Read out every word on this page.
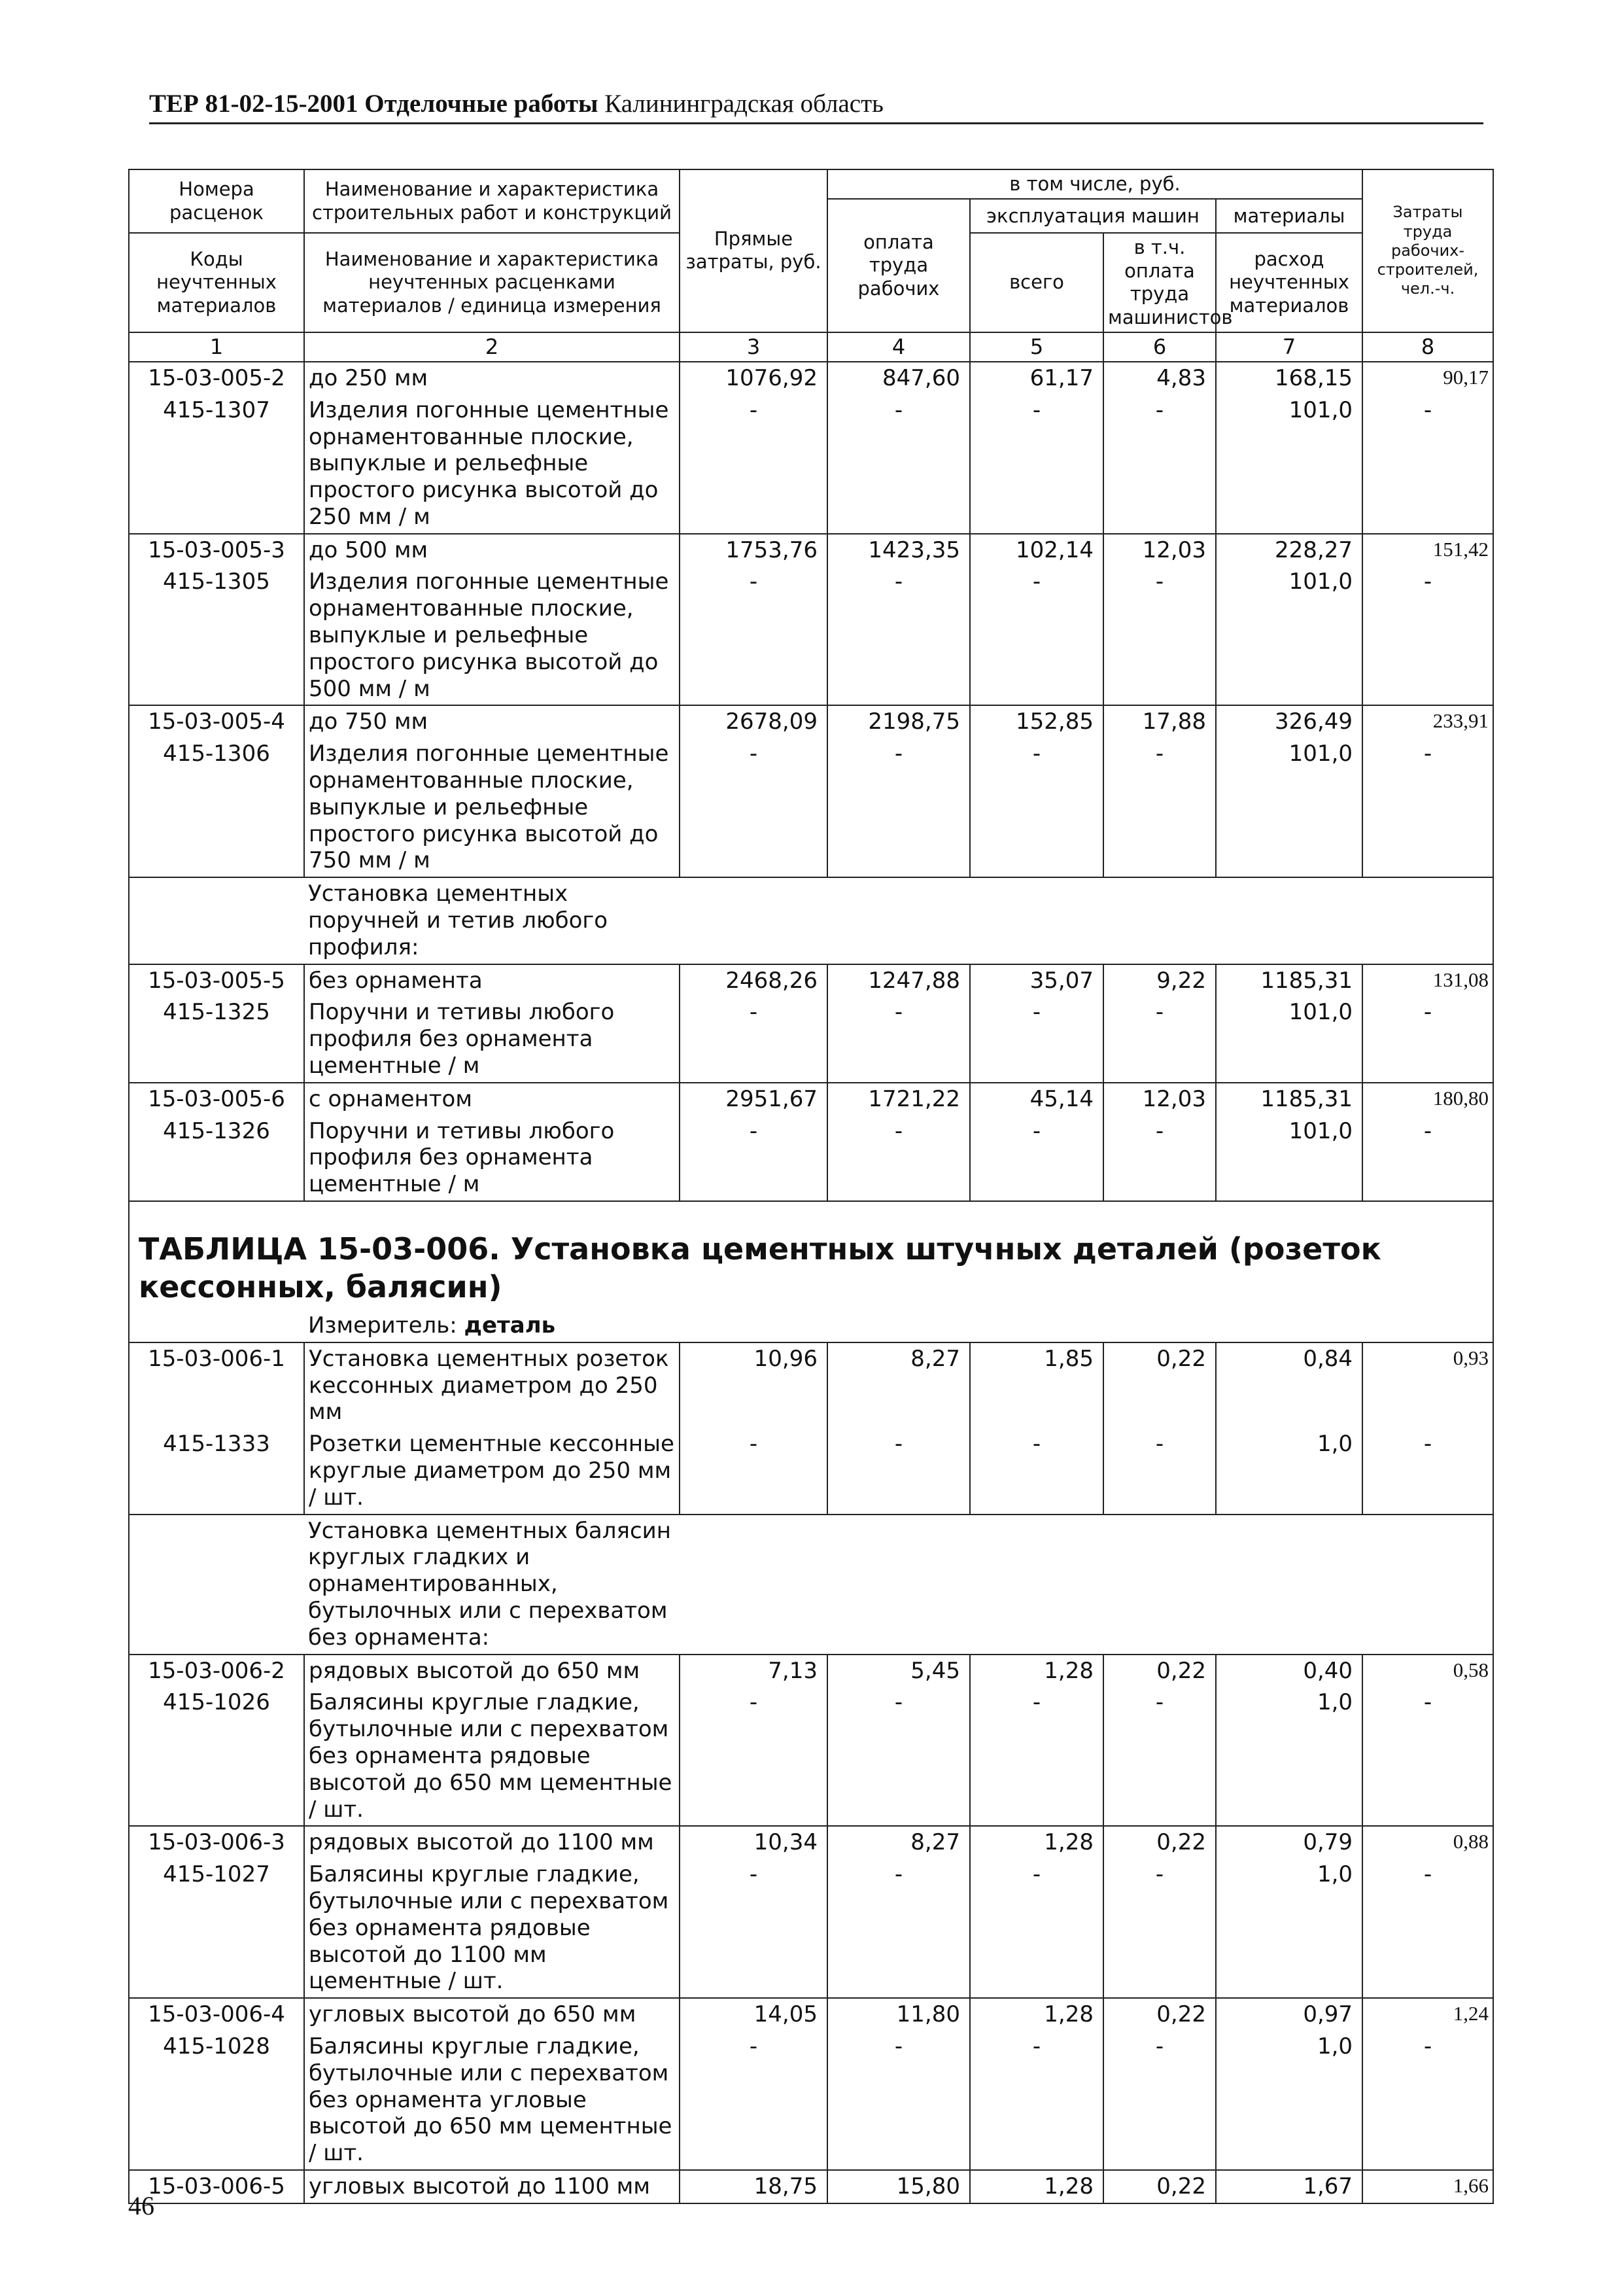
ТЕР 81-02-15-2001 Отделочные работы Калининградская область
Номера расценок	Наименование и характеристика строительных работ и конструкций	Прямые затраты, руб.	в том числе, руб.				Затраты труда рабочих-строителей, чел.-ч.
			оплата труда рабочих	эксплуатация машин		материалы	
Коды неучтенных материалов	Наименование и характеристика неучтенных расценками материалов / единица измерения			всего	в т.ч. оплата труда машинистов	расход неучтенных материалов	

1	2	3	4	5	6	7	8
15-03-005-2	до 250 мм	1076,92	847,60	61,17	4,83	168,15	90,17
415-1307	Изделия погонные цементные орнаментованные плоские, выпуклые и рельефные простого рисунка высотой до 250 мм / м	-	-	-	-	101,0	-
15-03-005-3	до 500 мм	1753,76	1423,35	102,14	12,03	228,27	151,42
415-1305	Изделия погонные цементные орнаментованные плоские, выпуклые и рельефные простого рисунка высотой до 500 мм / м	-	-	-	-	101,0	-
15-03-005-4	до 750 мм	2678,09	2198,75	152,85	17,88	326,49	233,91
415-1306	Изделия погонные цементные орнаментованные плоские, выпуклые и рельефные простого рисунка высотой до 750 мм / м	-	-	-	-	101,0	-
	Установка цементных поручней и тетив любого профиля:						
15-03-005-5	без орнамента	2468,26	1247,88	35,07	9,22	1185,31	131,08
415-1325	Поручни и тетивы любого профиля без орнамента цементные / м	-	-	-	-	101,0	-
15-03-005-6	с орнаментом	2951,67	1721,22	45,14	12,03	1185,31	180,80
415-1326	Поручни и тетивы любого профиля без орнамента цементные / м	-	-	-	-	101,0	-
ТАБЛИЦА 15-03-006. Установка цементных штучных деталей (розеток кессонных, балясин)							
	Измеритель: деталь						
15-03-006-1	Установка цементных розеток кессонных диаметром до 250 мм	10,96	8,27	1,85	0,22	0,84	0,93
415-1333	Розетки цементные кессонные круглые диаметром до 250 мм / шт.	-	-	-	-	1,0	-
	Установка цементных балясин круглых гладких и орнаментированных, бутылочных или с перехватом без орнамента:						
15-03-006-2	рядовых высотой до 650 мм	7,13	5,45	1,28	0,22	0,40	0,58
415-1026	Балясины круглые гладкие, бутылочные или с перехватом без орнамента рядовые высотой до 650 мм цементные / шт.	-	-	-	-	1,0	-
15-03-006-3	рядовых высотой до 1100 мм	10,34	8,27	1,28	0,22	0,79	0,88
415-1027	Балясины круглые гладкие, бутылочные или с перехватом без орнамента рядовые высотой до 1100 мм цементные / шт.	-	-	-	-	1,0	-
15-03-006-4	угловых высотой до 650 мм	14,05	11,80	1,28	0,22	0,97	1,24
415-1028	Балясины круглые гладкие, бутылочные или с перехватом без орнамента угловые высотой до 650 мм цементные / шт.	-	-	-	-	1,0	-
15-03-006-5	угловых высотой до 1100 мм	18,75	15,80	1,28	0,22	1,67	1,66
46
